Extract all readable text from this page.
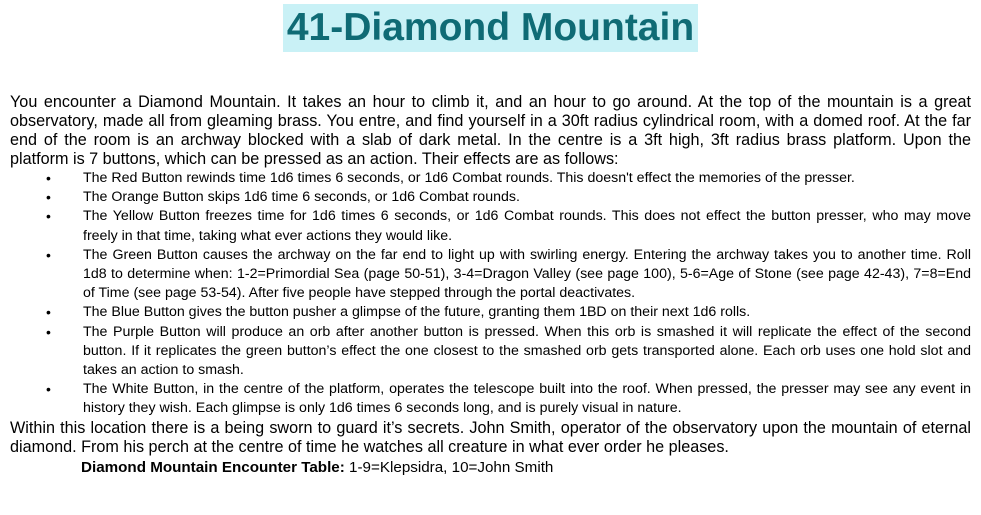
41-Diamond Mountain

You encounter a Diamond Mountain. It takes an hour to climb it, and an hour to go around. At the top of the mountain is a great observatory, made all from gleaming brass. You entre, and find yourself in a 30ft radius cylindrical room, with a domed roof. At the far end of the room is an archway blocked with a slab of dark metal. In the centre is a 3ft high, 3ft radius brass platform. Upon the platform is 7 buttons, which can be pressed as an action. Their effects are as follows:

•	The Red Button rewinds time 1d6 times 6 seconds, or 1d6 Combat rounds. This doesn't effect the memories of the presser.
•	The Orange Button skips 1d6 time 6 seconds, or 1d6 Combat rounds.
•	The Yellow Button freezes time for 1d6 times 6 seconds, or 1d6 Combat rounds. This does not effect the button presser, who may move freely in that time, taking what ever actions they would like.
•	The Green Button causes the archway on the far end to light up with swirling energy. Entering the archway takes you to another time. Roll 1d8 to determine when: 1-2=Primordial Sea (page 50-51), 3-4=Dragon Valley (see page 100), 5-6=Age of Stone (see page 42-43), 7=8=End of Time (see page 53-54). After five people have stepped through the portal deactivates.
•	The Blue Button gives the button pusher a glimpse of the future, granting them 1BD on their next 1d6 rolls.
•	The Purple Button will produce an orb after another button is pressed. When this orb is smashed it will replicate the effect of the second button. If it replicates the green button’s effect the one closest to the smashed orb gets transported alone. Each orb uses one hold slot and takes an action to smash.
•	The White Button, in the centre of the platform, operates the telescope built into the roof. When pressed, the presser may see any event in history they wish. Each glimpse is only 1d6 times 6 seconds long, and is purely visual in nature.

Within this location there is a being sworn to guard it’s secrets. John Smith, operator of the observatory upon the mountain of eternal diamond. From his perch at the centre of time he watches all creature in what ever order he pleases.

Diamond Mountain Encounter Table: 1-9=Klepsidra, 10=John Smith
